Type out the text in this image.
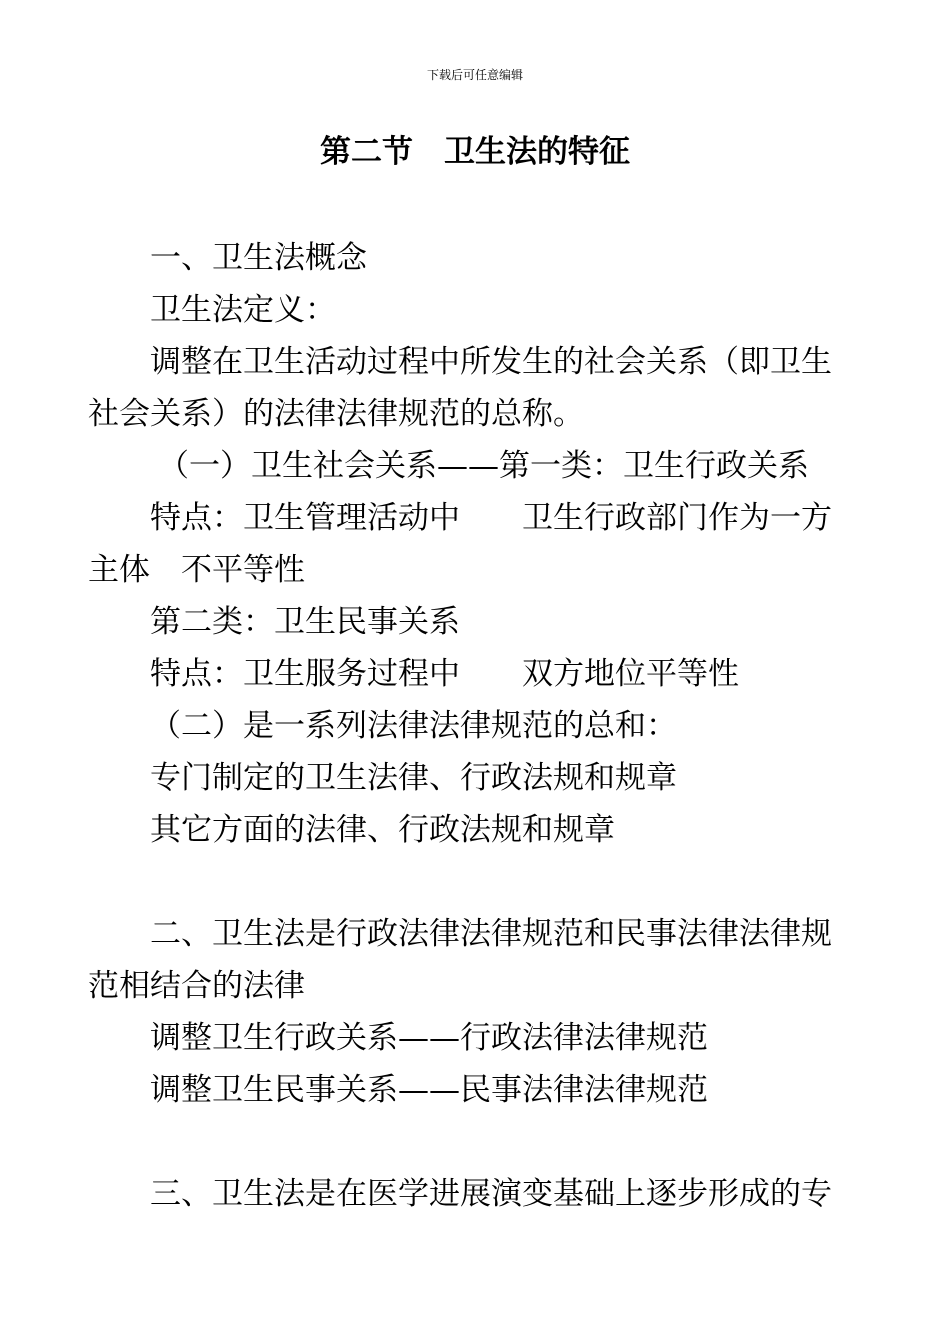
下载后可任意编辑
第二节　卫生法的特征

一、卫生法概念

卫生法定义：

调整在卫生活动过程中所发生的社会关系（即卫生社会关系）的法律法律规范的总称。

（一）卫生社会关系——第一类：卫生行政关系

特点：卫生管理活动中　　卫生行政部门作为一方主体　不平等性

第二类：卫生民事关系

特点：卫生服务过程中　　双方地位平等性

（二）是一系列法律法律规范的总和：

专门制定的卫生法律、行政法规和规章

其它方面的法律、行政法规和规章

二、卫生法是行政法律法律规范和民事法律法律规范相结合的法律

调整卫生行政关系——行政法律法律规范

调整卫生民事关系——民事法律法律规范

三、卫生法是在医学进展演变基础上逐步形成的专
